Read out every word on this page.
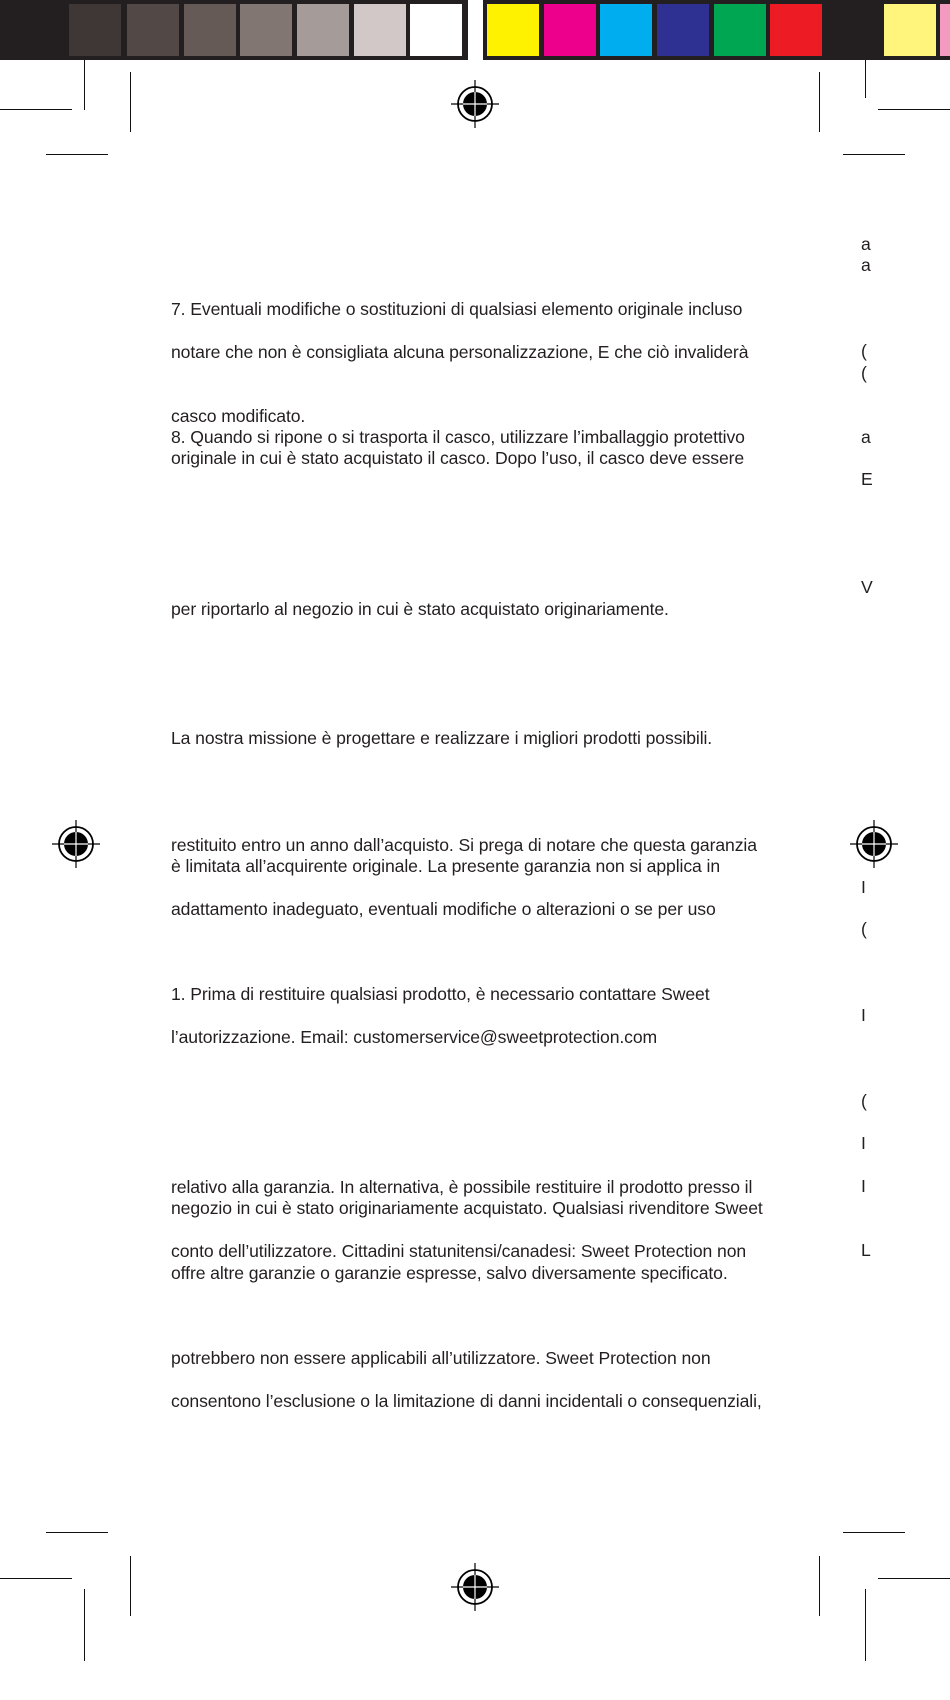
7. Eventuali modifiche o sostituzioni di qualsiasi elemento originale incluso
notare che non è consigliata alcuna personalizzazione, E che ciò invaliderà
casco modificato.
8. Quando si ripone o si trasporta il casco, utilizzare l’imballaggio protettivo
originale in cui è stato acquistato il casco. Dopo l’uso, il casco deve essere
per riportarlo al negozio in cui è stato acquistato originariamente.
La nostra missione è progettare e realizzare i migliori prodotti possibili.
restituito entro un anno dall’acquisto. Si prega di notare che questa garanzia
è limitata all’acquirente originale. La presente garanzia non si applica in
adattamento inadeguato, eventuali modifiche o alterazioni o se per uso
1. Prima di restituire qualsiasi prodotto, è necessario contattare Sweet
l’autorizzazione. Email: customerservice@sweetprotection.com
relativo alla garanzia. In alternativa, è possibile restituire il prodotto presso il
negozio in cui è stato originariamente acquistato. Qualsiasi rivenditore Sweet
conto dell’utilizzatore. Cittadini statunitensi/canadesi: Sweet Protection non
offre altre garanzie o garanzie espresse, salvo diversamente specificato.
potrebbero non essere applicabili all’utilizzatore. Sweet Protection non
consentono l’esclusione o la limitazione di danni incidentali o consequenziali,
a
a
(
(
a
E
V
I
(
I
(
I
I
L
